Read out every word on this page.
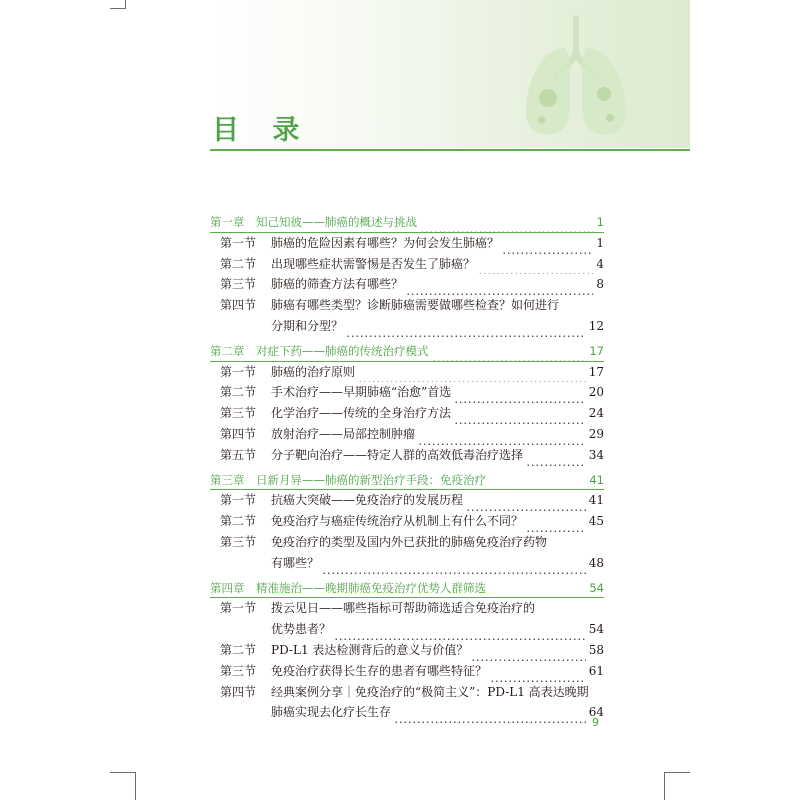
目 录
第一章 知己知彼——肺癌的概述与挑战	1
第一节 肺癌的危险因素有哪些？为何会发生肺癌？	1
第二节 出现哪些症状需警惕是否发生了肺癌？	4
第三节 肺癌的筛查方法有哪些？	8
第四节 肺癌有哪些类型？诊断肺癌需要做哪些检查？如何进行
分期和分型？	12
第二章 对症下药——肺癌的传统治疗模式	17
第一节 肺癌的治疗原则	17
第二节 手术治疗——早期肺癌“治愈”首选	20
第三节 化学治疗——传统的全身治疗方法	24
第四节 放射治疗——局部控制肿瘤	29
第五节 分子靶向治疗——特定人群的高效低毒治疗选择	34
第三章 日新月异——肺癌的新型治疗手段：免疫治疗	41
第一节 抗癌大突破——免疫治疗的发展历程	41
第二节 免疫治疗与癌症传统治疗从机制上有什么不同？	45
第三节 免疫治疗的类型及国内外已获批的肺癌免疫治疗药物
有哪些？	48
第四章 精准施治——晚期肺癌免疫治疗优势人群筛选	54
第一节 拨云见日——哪些指标可帮助筛选适合免疫治疗的
优势患者？	54
第二节 PD-L1 表达检测背后的意义与价值？	58
第三节 免疫治疗获得长生存的患者有哪些特征？	61
第四节 经典案例分享｜免疫治疗的“极简主义”：PD-L1 高表达晚期
肺癌实现去化疗长生存	64
9
